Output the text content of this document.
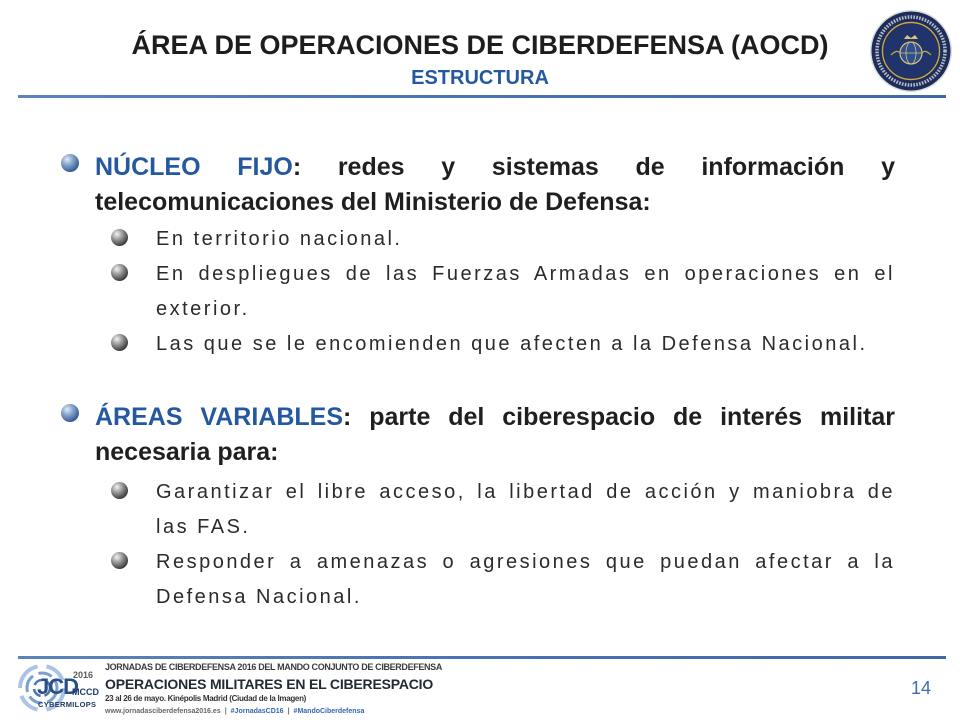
ÁREA DE OPERACIONES DE CIBERDEFENSA (AOCD)
ESTRUCTURA
NÚCLEO FIJO: redes y sistemas de información y
telecomunicaciones del Ministerio de Defensa:
En territorio nacional.
En despliegues de las Fuerzas Armadas en operaciones en el
exterior.
Las que se le encomienden que afecten a la Defensa Nacional.
ÁREAS VARIABLES: parte del ciberespacio de interés militar
necesaria para:
Garantizar el libre acceso, la libertad de acción y maniobra de
las FAS.
Responder a amenazas o agresiones que puedan afectar a la
Defensa Nacional.
JCD
2016
MCCD
CYBERMILOPS
JORNADAS DE CIBERDEFENSA 2016 DEL MANDO CONJUNTO DE CIBERDEFENSA
OPERACIONES MILITARES EN EL CIBERESPACIO
23 al 26 de mayo. Kinépolis Madrid (Ciudad de la Imagen)
www.jornadasciberdefensa2016.es | #JornadasCD16 | #MandoCiberdefensa
14
